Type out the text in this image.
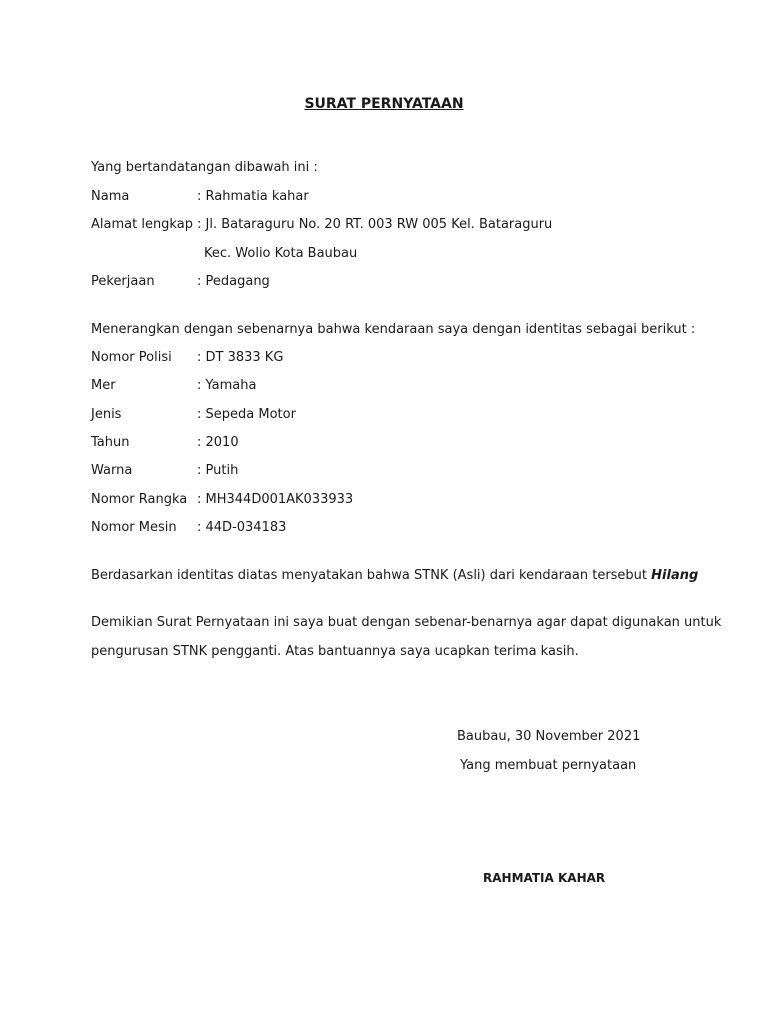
SURAT PERNYATAAN
Yang bertandatangan dibawah ini :
Nama	: Rahmatia kahar
Alamat lengkap : Jl. Bataraguru No. 20 RT. 003 RW 005 Kel. Bataraguru
Kec. Wolio Kota Baubau
Pekerjaan	: Pedagang
Menerangkan dengan sebenarnya bahwa kendaraan saya dengan identitas sebagai berikut :
Nomor Polisi : DT 3833 KG
Mer	: Yamaha
Jenis	: Sepeda Motor
Tahun	: 2010
Warna	: Putih
Nomor Rangka : MH344D001AK033933
Nomor Mesin : 44D-034183
Berdasarkan identitas diatas menyatakan bahwa STNK (Asli) dari kendaraan tersebut Hilang
Demikian Surat Pernyataan ini saya buat dengan sebenar-benarnya agar dapat digunakan untuk
pengurusan STNK pengganti. Atas bantuannya saya ucapkan terima kasih.
Baubau, 30 November 2021
Yang membuat pernyataan
RAHMATIA KAHAR
